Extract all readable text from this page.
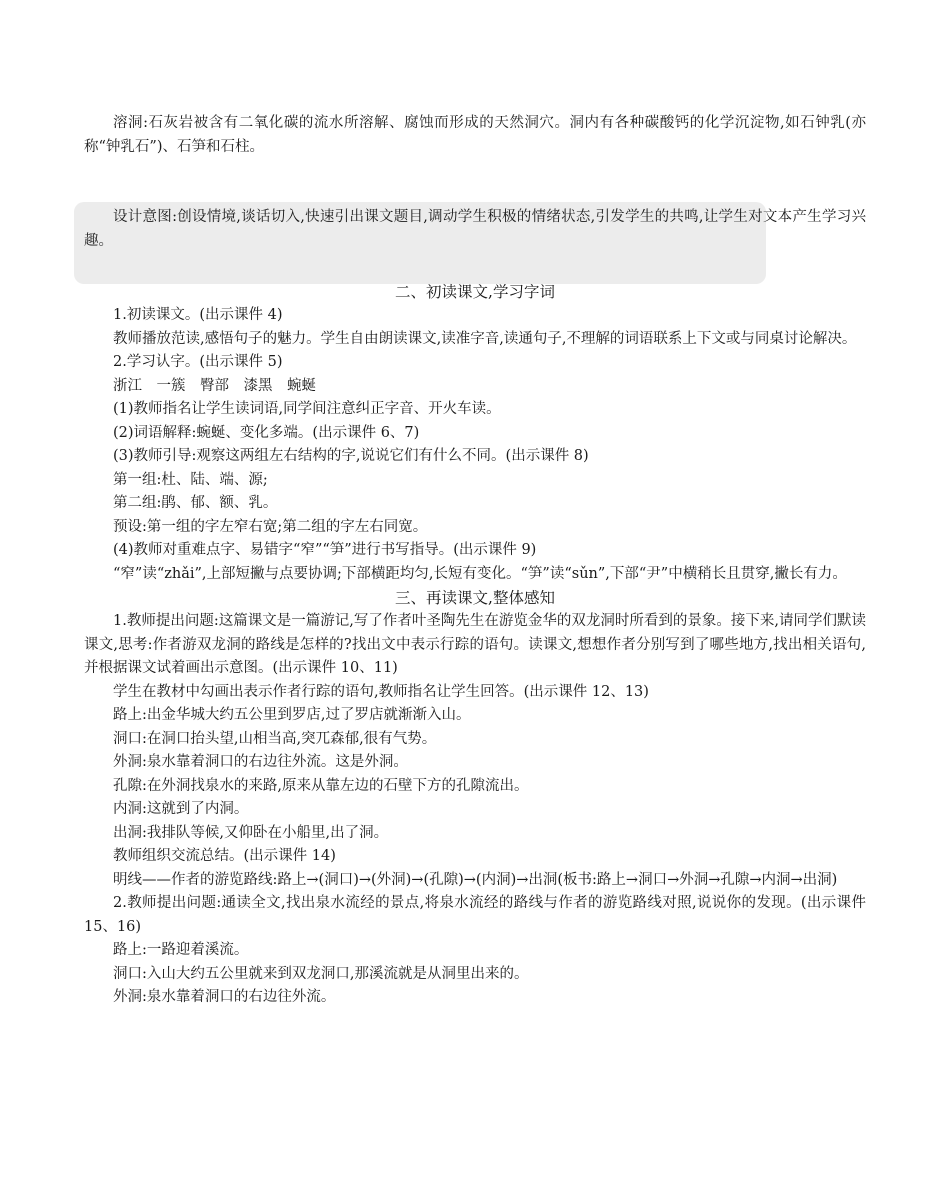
溶洞:石灰岩被含有二氧化碳的流水所溶解、腐蚀而形成的天然洞穴。洞内有各种碳酸钙的化学沉淀物,如石钟乳(亦称“钟乳石”)、石笋和石柱。

设计意图:创设情境,谈话切入,快速引出课文题目,调动学生积极的情绪状态,引发学生的共鸣,让学生对文本产生学习兴趣。

二、初读课文,学习字词

1.初读课文。(出示课件 4)

教师播放范读,感悟句子的魅力。学生自由朗读课文,读准字音,读通句子,不理解的词语联系上下文或与同桌讨论解决。

2.学习认字。(出示课件 5)

浙江　一簇　臀部　漆黑　蜿蜒

(1)教师指名让学生读词语,同学间注意纠正字音、开火车读。

(2)词语解释:蜿蜒、变化多端。(出示课件 6、7)

(3)教师引导:观察这两组左右结构的字,说说它们有什么不同。(出示课件 8)

第一组:杜、陆、端、源;

第二组:鹃、郁、额、乳。

预设:第一组的字左窄右宽;第二组的字左右同宽。

(4)教师对重难点字、易错字“窄”“笋”进行书写指导。(出示课件 9)

“窄”读“zhǎi”,上部短撇与点要协调;下部横距均匀,长短有变化。“笋”读“sǔn”,下部“尹”中横稍长且贯穿,撇长有力。

三、再读课文,整体感知

1.教师提出问题:这篇课文是一篇游记,写了作者叶圣陶先生在游览金华的双龙洞时所看到的景象。接下来,请同学们默读课文,思考:作者游双龙洞的路线是怎样的?找出文中表示行踪的语句。读课文,想想作者分别写到了哪些地方,找出相关语句,并根据课文试着画出示意图。(出示课件 10、11)

学生在教材中勾画出表示作者行踪的语句,教师指名让学生回答。(出示课件 12、13)

路上:出金华城大约五公里到罗店,过了罗店就渐渐入山。

洞口:在洞口抬头望,山相当高,突兀森郁,很有气势。

外洞:泉水靠着洞口的右边往外流。这是外洞。

孔隙:在外洞找泉水的来路,原来从靠左边的石壁下方的孔隙流出。

内洞:这就到了内洞。

出洞:我排队等候,又仰卧在小船里,出了洞。

教师组织交流总结。(出示课件 14)

明线——作者的游览路线:路上→(洞口)→(外洞)→(孔隙)→(内洞)→出洞(板书:路上→洞口→外洞→孔隙→内洞→出洞)

2.教师提出问题:通读全文,找出泉水流经的景点,将泉水流经的路线与作者的游览路线对照,说说你的发现。(出示课件 15、16)

路上:一路迎着溪流。

洞口:入山大约五公里就来到双龙洞口,那溪流就是从洞里出来的。

外洞:泉水靠着洞口的右边往外流。
